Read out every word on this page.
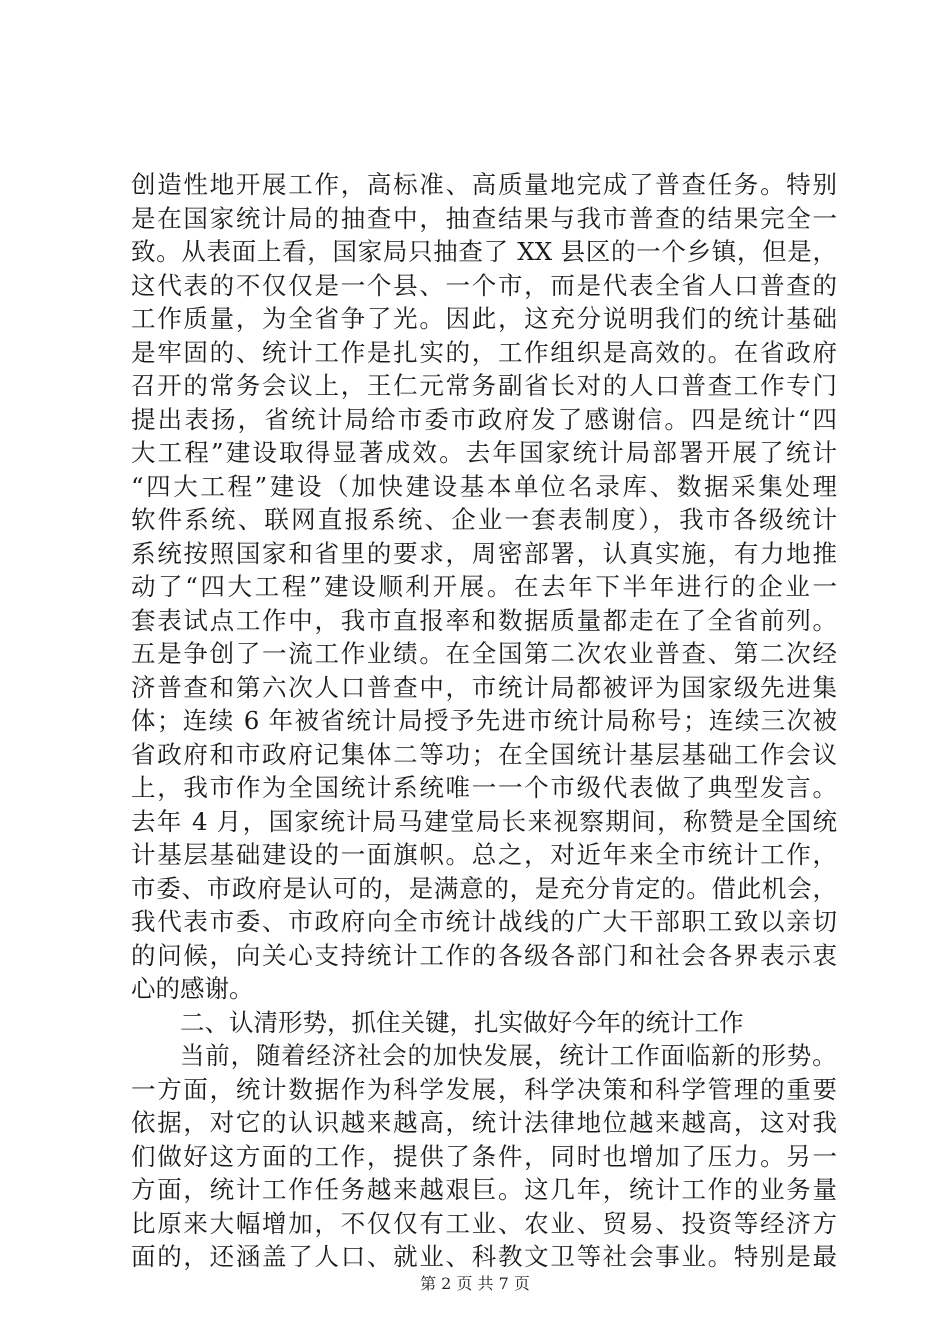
创造性地开展工作，高标准、高质量地完成了普查任务。特别
是在国家统计局的抽查中，抽查结果与我市普查的结果完全一
致。从表面上看，国家局只抽查了 XX 县区的一个乡镇，但是，
这代表的不仅仅是一个县、一个市，而是代表全省人口普查的
工作质量，为全省争了光。因此，这充分说明我们的统计基础
是牢固的、统计工作是扎实的，工作组织是高效的。在省政府
召开的常务会议上，王仁元常务副省长对的人口普查工作专门
提出表扬，省统计局给市委市政府发了感谢信。四是统计“四
大工程”建设取得显著成效。去年国家统计局部署开展了统计
“四大工程”建设（加快建设基本单位名录库、数据采集处理
软件系统、联网直报系统、企业一套表制度），我市各级统计
系统按照国家和省里的要求，周密部署，认真实施，有力地推
动了“四大工程”建设顺利开展。在去年下半年进行的企业一
套表试点工作中，我市直报率和数据质量都走在了全省前列。
五是争创了一流工作业绩。在全国第二次农业普查、第二次经
济普查和第六次人口普查中，市统计局都被评为国家级先进集
体；连续 6 年被省统计局授予先进市统计局称号；连续三次被
省政府和市政府记集体二等功；在全国统计基层基础工作会议
上，我市作为全国统计系统唯一一个市级代表做了典型发言。
去年 4 月，国家统计局马建堂局长来视察期间，称赞是全国统
计基层基础建设的一面旗帜。总之，对近年来全市统计工作，
市委、市政府是认可的，是满意的，是充分肯定的。借此机会，
我代表市委、市政府向全市统计战线的广大干部职工致以亲切
的问候，向关心支持统计工作的各级各部门和社会各界表示衷
心的感谢。
二、认清形势，抓住关键，扎实做好今年的统计工作
当前，随着经济社会的加快发展，统计工作面临新的形势。
一方面，统计数据作为科学发展，科学决策和科学管理的重要
依据，对它的认识越来越高，统计法律地位越来越高，这对我
们做好这方面的工作，提供了条件，同时也增加了压力。另一
方面，统计工作任务越来越艰巨。这几年，统计工作的业务量
比原来大幅增加，不仅仅有工业、农业、贸易、投资等经济方
面的，还涵盖了人口、就业、科教文卫等社会事业。特别是最
第 2 页 共 7 页
